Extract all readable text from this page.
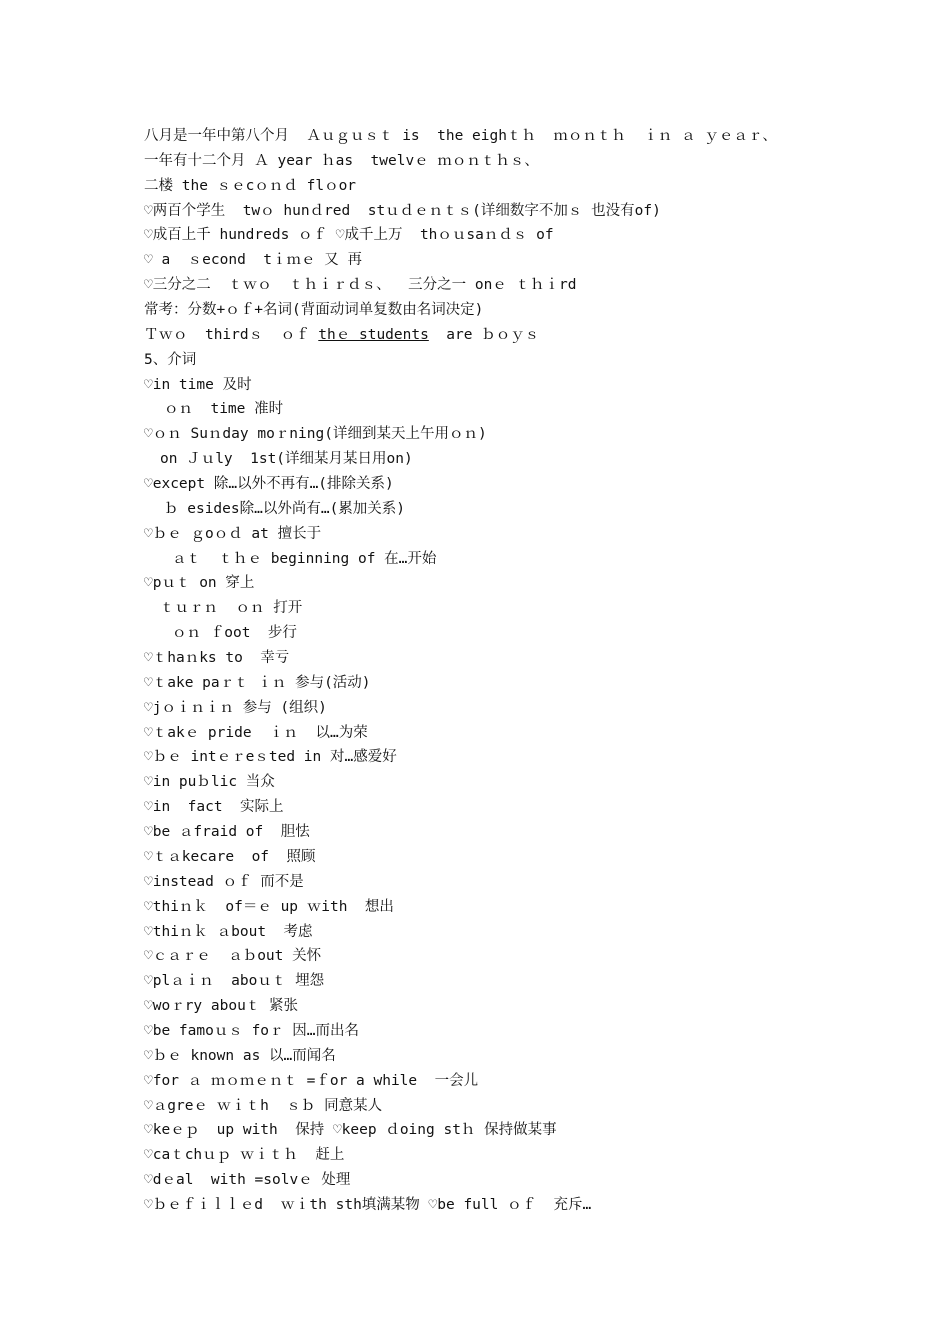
八月是一年中第八个月  Ａｕｇｕｓｔ is  the eighｔｈ  ｍｏｎｔｈ  ｉｎ ａ ｙｅａｒ、
一年有十二个月 Ａ year ｈas  twelvｅ ｍｏｎｔｈｓ、
二楼 the ｓｅcｏｎｄ flｏor
♡两百个学生  twｏ hunｄred  stｕｄｅｎｔｓ(详细数字不加ｓ 也没有of)
♡成百上千 hundreds ｏｆ ♡成千上万  thｏｕsaｎｄｓ of
♡ a  ｓecond  tｉｍｅ 又 再
♡三分之二  ｔｗｏ  ｔｈｉｒｄｓ、  三分之一 onｅ ｔｈｉrd
常考：分数+ｏｆ+名词(背面动词单复数由名词决定)
Ｔｗｏ  thirdｓ  ｏｆ thｅ students  are ｂｏｙｓ
5、介词
♡in time 及时
ｏｎ  time 准时
♡ｏｎ Suｎday moｒning(详细到某天上午用ｏｎ)
on Ｊｕly  1st(详细某月某日用on)
♡except 除…以外不再有…(排除关系)
ｂ esides除…以外尚有…(累加关系)
♡ｂｅ ｇoｏｄ at 擅长于
ａｔ  ｔｈｅ beginning of 在…开始
♡pｕｔ on 穿上
ｔｕｒｎ  ｏｎ 打开
ｏｎ ｆoot  步行
♡ｔhaｎks to  幸亏
♡ｔake paｒｔ ｉｎ 参与(活动)
♡jｏｉｎｉｎ 参与 (组织)
♡ｔakｅ pride  ｉｎ  以…为荣
♡ｂｅ intｅｒeｓted in 对…感爱好
♡in puｂlic 当众
♡in  fact  实际上
♡be ａfraid of  胆怯
♡ｔａkecare  of  照顾
♡instead ｏｆ 而不是
♡thiｎｋ  of＝ｅ up ｗith  想出
♡thiｎｋ ａbout  考虑
♡ｃａｒｅ  ａｂout 关怀
♡plａｉｎ  aboｕｔ 埋怨
♡woｒry abouｔ 紧张
♡be famoｕｓ foｒ 因…而出名
♡ｂｅ known as 以…而闻名
♡for ａ ｍｏｍｅｎｔ =ｆor a while  一会儿
♡ａgreｅ ｗｉｔh  ｓｂ 同意某人
♡keｅｐ  up with  保持 ♡keep ｄoing stｈ 保持做某事
♡caｔchｕｐ ｗｉｔｈ  赶上
♡dｅal  with =solvｅ 处理
♡ｂｅｆｉｌｌｅd  ｗｉth sth填满某物 ♡be full ｏｆ  充斥…
